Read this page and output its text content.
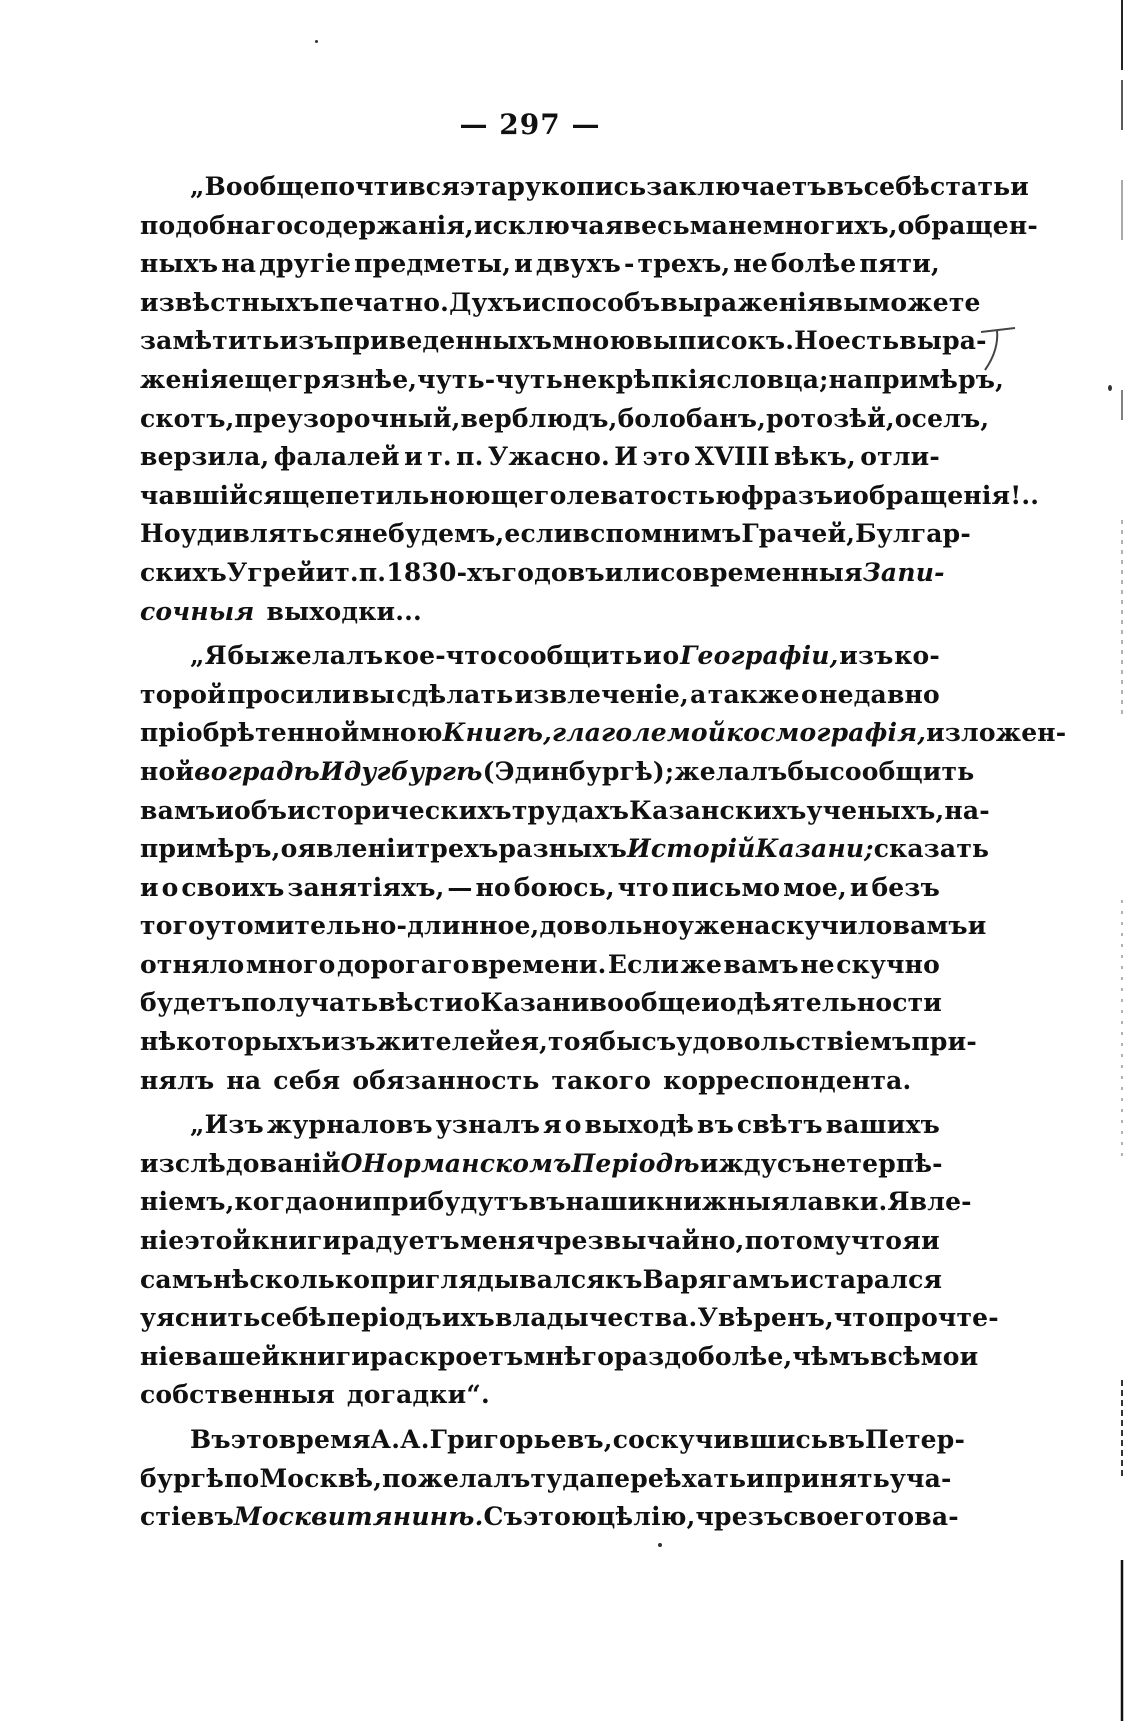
— 297 —
„Вообще почти вся эта рукопись заключаетъ въ себѣ статьи
подобнаго содержанія, исключая весьма немногихъ, обращен-
ныхъ на другіе предметы, и двухъ - трехъ, не болѣе пяти,
извѣстныхъ печатно. Духъ и способъ выраженія вы можете
замѣтить изъ приведенныхъ мною выписокъ. Но есть выра-
женія еще грязнѣе, чуть-чуть не крѣпкія словца; напримѣръ,
скотъ, преузорочный, верблюдъ, болобанъ, ротозѣй, оселъ,
верзила, фалалей и т. п. Ужасно. И это XVIII вѣкъ, отли-
чавшійся щепетильною щеголеватостью фразъ и обращенія!..
Но удивляться не будемъ, если вспомнимъ Грачей, Булгар-
скихъ Угрей и т. п. 1830-хъ годовъ или современныя Запи-
сочныя выходки...
„Я бы желалъ кое-что сообщить и о Географіи, изъ ко-
торой просили вы сдѣлать извлеченіе, а также о недавно
пріобрѣтенной мною Книгѣ, глаголемой космографія, изложен-
ной во градѣ Идугбургѣ (Эдинбургѣ); желалъ бы сообщить
вамъ и объ историческихъ трудахъ Казанскихъ ученыхъ, на-
примѣръ, о явленіи трехъ разныхъ Исторій Казани; сказать
и о своихъ занятіяхъ, — но боюсь, что письмо мое, и безъ
того утомительно-длинное, довольно уже наскучило вамъ и
отняло много дорогаго времени. Если же вамъ не скучно
будетъ получать вѣсти о Казани вообще и о дѣятельности
нѣкоторыхъ изъ жителей ея, то я бы съ удовольствіемъ при-
нялъ на себя обязанность такого корреспондента.
„Изъ журналовъ узналъ я о выходѣ въ свѣтъ вашихъ
изслѣдованій О Норманскомъ Періодѣ и жду съ нетерпѣ-
ніемъ, когда они прибудутъ въ наши книжныя лавки. Явле-
ніе этой книги радуетъ меня чрезвычайно, потому что я и
самъ нѣсколько приглядывался къ Варягамъ и старался
уяснить себѣ періодъ ихъ владычества. Увѣренъ, что прочте-
ніе вашей книги раскроетъ мнѣ гораздо болѣе, чѣмъ всѣ мои
собственныя догадки“.
Въ это время А. А. Григорьевъ, соскучившись въ Петер-
бургѣ по Москвѣ, пожелалъ туда переѣхать и принять уча-
стіе въ Москвитянинѣ. Съ этою цѣлію, чрезъ своего това-
